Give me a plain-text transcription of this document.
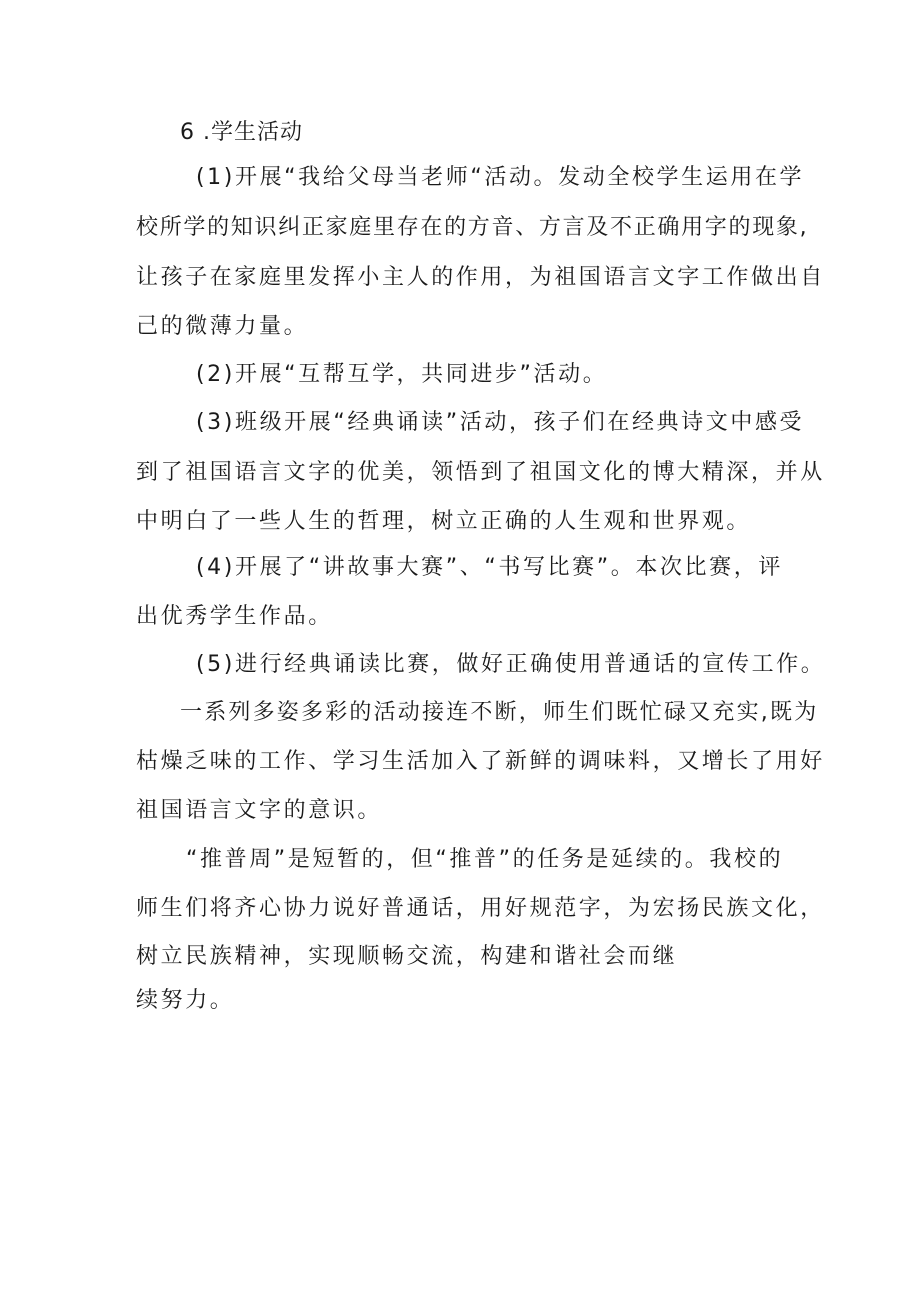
6 .学生活动
(1)开展“我给父母当老师“活动。发动全校学生运用在学
校所学的知识纠正家庭里存在的方音、方言及不正确用字的现象,
让孩子在家庭里发挥小主人的作用，为祖国语言文字工作做出自
己的微薄力量。
(2)开展“互帮互学，共同进步”活动。
(3)班级开展“经典诵读”活动，孩子们在经典诗文中感受
到了祖国语言文字的优美，领悟到了祖国文化的博大精深，并从
中明白了一些人生的哲理，树立正确的人生观和世界观。
(4)开展了“讲故事大赛”、“书写比赛”。本次比赛，评
出优秀学生作品。
(5)进行经典诵读比赛，做好正确使用普通话的宣传工作。
一系列多姿多彩的活动接连不断，师生们既忙碌又充实,既为
枯燥乏味的工作、学习生活加入了新鲜的调味料，又增长了用好
祖国语言文字的意识。
“推普周”是短暂的，但“推普”的任务是延续的。我校的
师生们将齐心协力说好普通话，用好规范字，为宏扬民族文化，
树立民族精神，实现顺畅交流，构建和谐社会而继
续努力。
